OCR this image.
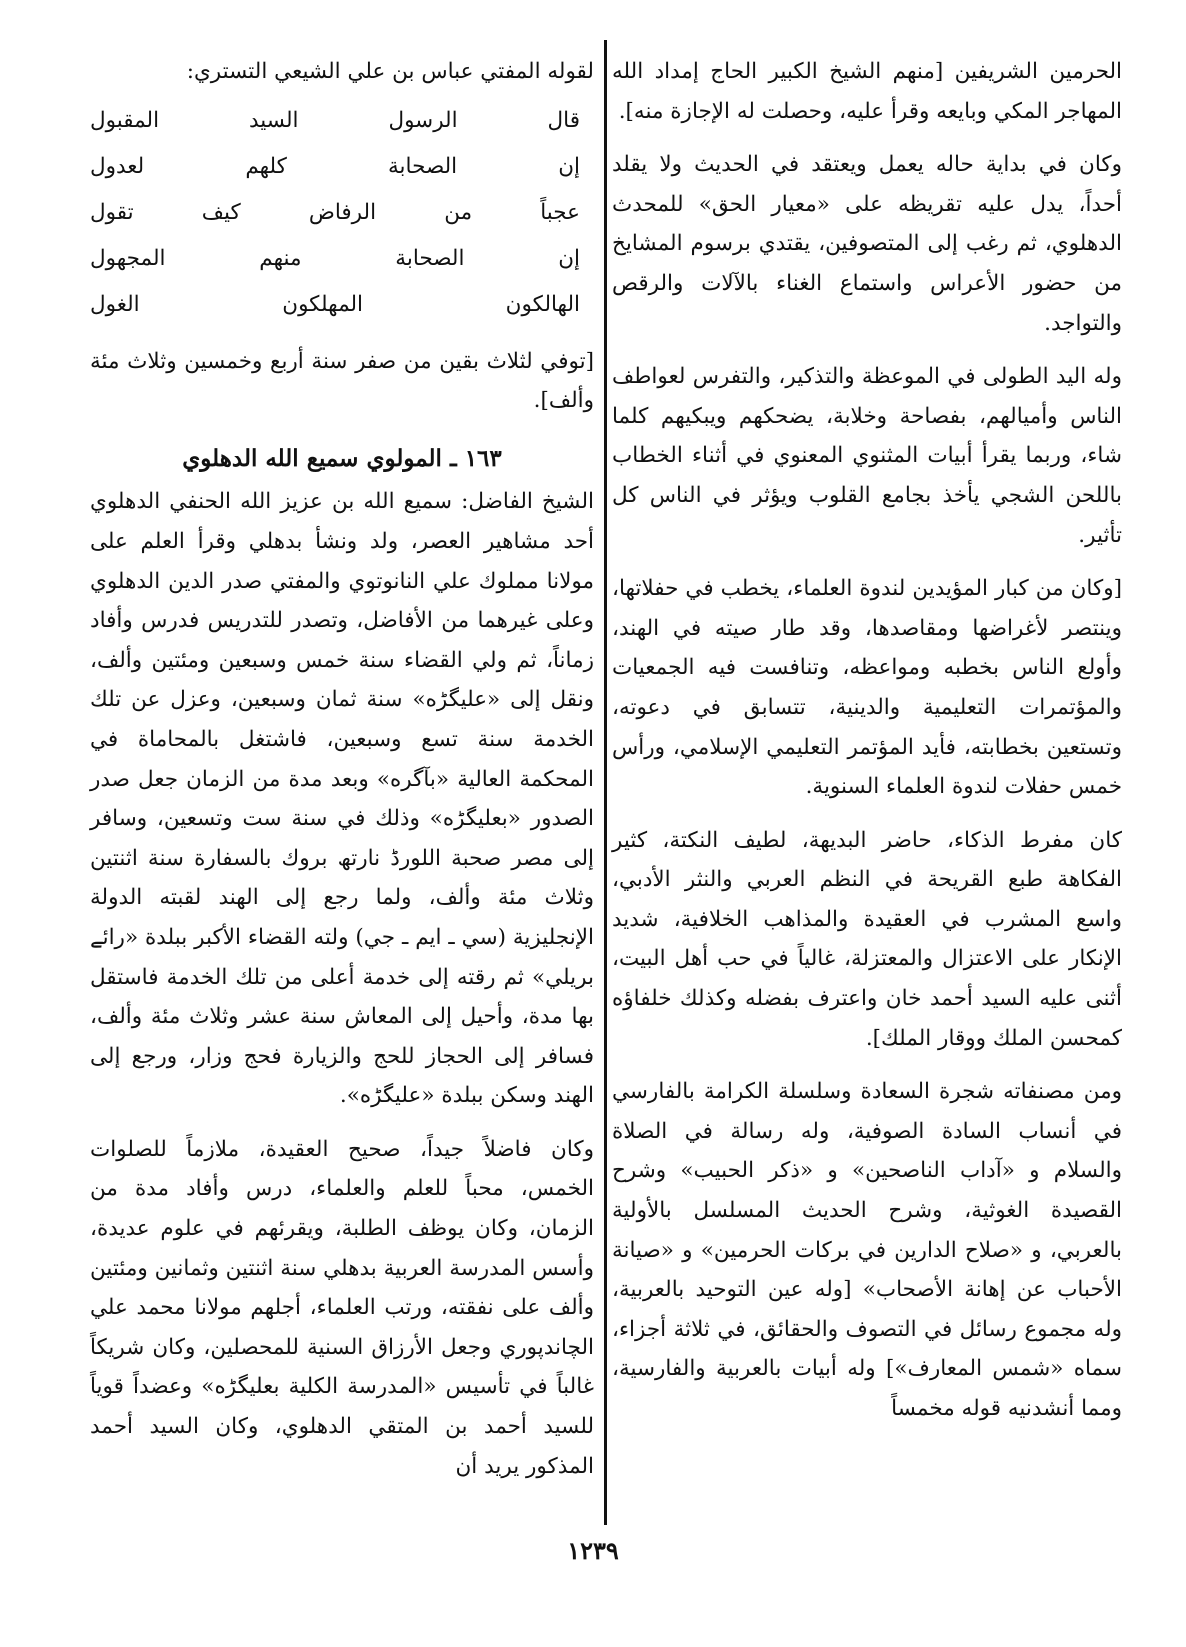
الحرمين الشريفين [منهم الشيخ الكبير الحاج إمداد الله المهاجر المكي وبايعه وقرأ عليه، وحصلت له الإجازة منه].

وكان في بداية حاله يعمل ويعتقد في الحديث ولا يقلد أحداً، يدل عليه تقريظه على «معيار الحق» للمحدث الدهلوي، ثم رغب إلى المتصوفين، يقتدي برسوم المشايخ من حضور الأعراس واستماع الغناء بالآلات والرقص والتواجد.

وله اليد الطولى في الموعظة والتذكير، والتفرس لعواطف الناس وأميالهم، بفصاحة وخلابة، يضحكهم ويبكيهم كلما شاء، وربما يقرأ أبيات المثنوي المعنوي في أثناء الخطاب باللحن الشجي يأخذ بجامع القلوب ويؤثر في الناس كل تأثير.

[وكان من كبار المؤيدين لندوة العلماء، يخطب في حفلاتها، وينتصر لأغراضها ومقاصدها، وقد طار صيته في الهند، وأولع الناس بخطبه ومواعظه، وتنافست فيه الجمعيات والمؤتمرات التعليمية والدينية، تتسابق في دعوته، وتستعين بخطابته، فأيد المؤتمر التعليمي الإسلامي، ورأس خمس حفلات لندوة العلماء السنوية.

كان مفرط الذكاء، حاضر البديهة، لطيف النكتة، كثير الفكاهة طبع القريحة في النظم العربي والنثر الأدبي، واسع المشرب في العقيدة والمذاهب الخلافية، شديد الإنكار على الاعتزال والمعتزلة، غالياً في حب أهل البيت، أثنى عليه السيد أحمد خان واعترف بفضله وكذلك خلفاؤه كمحسن الملك ووقار الملك].

ومن مصنفاته شجرة السعادة وسلسلة الكرامة بالفارسي في أنساب السادة الصوفية، وله رسالة في الصلاة والسلام و «آداب الناصحين» و «ذكر الحبيب» وشرح القصيدة الغوثية، وشرح الحديث المسلسل بالأولية بالعربي، و «صلاح الدارين في بركات الحرمين» و «صيانة الأحباب عن إهانة الأصحاب» [وله عين التوحيد بالعربية، وله مجموع رسائل في التصوف والحقائق، في ثلاثة أجزاء، سماه «شمس المعارف»] وله أبيات بالعربية والفارسية، ومما أنشدنيه قوله مخمساً

لقوله المفتي عباس بن علي الشيعي التستري:

قال الرسول السيد المقبول

إن الصحابة كلهم لعدول

عجباً من الرفاض كيف تقول

إن الصحابة منهم المجهول

الهالكون المهلكون الغول

[توفي لثلاث بقين من صفر سنة أربع وخمسين وثلاث مئة وألف].

١٦٣ ـ المولوي سميع الله الدهلوي

الشيخ الفاضل: سميع الله بن عزيز الله الحنفي الدهلوي أحد مشاهير العصر، ولد ونشأ بدهلي وقرأ العلم على مولانا مملوك علي النانوتوي والمفتي صدر الدين الدهلوي وعلى غيرهما من الأفاضل، وتصدر للتدريس فدرس وأفاد زماناً، ثم ولي القضاء سنة خمس وسبعين ومئتين وألف، ونقل إلى «عليگڑه» سنة ثمان وسبعين، وعزل عن تلك الخدمة سنة تسع وسبعين، فاشتغل بالمحاماة في المحكمة العالية «بآگره» وبعد مدة من الزمان جعل صدر الصدور «بعليگڑه» وذلك في سنة ست وتسعين، وسافر إلى مصر صحبة اللورڈ نارتھ بروك بالسفارة سنة اثنتين وثلاث مئة وألف، ولما رجع إلى الهند لقبته الدولة الإنجليزية (سي ـ ايم ـ جي) ولته القضاء الأكبر ببلدة «رائے بريلي» ثم رقته إلى خدمة أعلى من تلك الخدمة فاستقل بها مدة، وأحيل إلى المعاش سنة عشر وثلاث مئة وألف، فسافر إلى الحجاز للحج والزيارة فحج وزار، ورجع إلى الهند وسكن ببلدة «عليگڑه».

وكان فاضلاً جيداً، صحيح العقيدة، ملازماً للصلوات الخمس، محباً للعلم والعلماء، درس وأفاد مدة من الزمان، وكان يوظف الطلبة، ويقرئهم في علوم عديدة، وأسس المدرسة العربية بدهلي سنة اثنتين وثمانين ومئتين وألف على نفقته، ورتب العلماء، أجلهم مولانا محمد علي الچاندپوري وجعل الأرزاق السنية للمحصلين، وكان شريكاً غالباً في تأسيس «المدرسة الكلية بعليگڑه» وعضداً قوياً للسيد أحمد بن المتقي الدهلوي، وكان السيد أحمد المذكور يريد أن

١٢٣٩
